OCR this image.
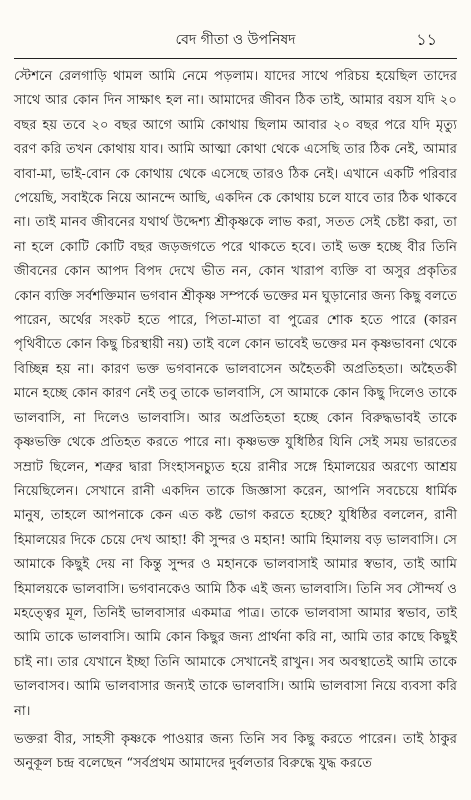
বেদ গীতা ও উপনিষদ	১১

স্টেশনে রেলগাড়ি থামল আমি নেমে পড়লাম। যাদের সাথে পরিচয় হয়েছিল তাদের সাথে আর কোন দিন সাক্ষাৎ হল না। আমাদের জীবন ঠিক তাই, আমার বয়স যদি ২০ বছর হয় তবে ২০ বছর আগে আমি কোথায় ছিলাম আবার ২০ বছর পরে যদি মৃত্যু বরণ করি তখন কোথায় যাব। আমি আত্মা কোথা থেকে এসেছি তার ঠিক নেই, আমার বাবা-মা, ভাই-বোন কে কোথায় থেকে এসেছে তারও ঠিক নেই। এখানে একটি পরিবার পেয়েছি, সবাইকে নিয়ে আনন্দে আছি, একদিন কে কোথায় চলে যাবে তার ঠিক থাকবে না। তাই মানব জীবনের যথার্থ উদ্দেশ্য শ্রীকৃষ্ণকে লাভ করা, সতত সেই চেষ্টা করা, তা না হলে কোটি কোটি বছর জড়জগতে পরে থাকতে হবে। তাই ভক্ত হচ্ছে বীর তিনি জীবনের কোন আপদ বিপদ দেখে ভীত নন, কোন খারাপ ব্যক্তি বা অসুর প্রকৃতির কোন ব্যক্তি সর্বশক্তিমান ভগবান শ্রীকৃষ্ণ সম্পর্কে ভক্তের মন ঘুড়ানোর জন্য কিছু বলতে পারেন, অর্থের সংকট হতে পারে, পিতা-মাতা বা পুত্রের শোক হতে পারে (কারন পৃথিবীতে কোন কিছু চিরস্থায়ী নয়) তাই বলে কোন ভাবেই ভক্তের মন কৃষ্ণভাবনা থেকে বিচ্ছিন্ন হয় না। কারণ ভক্ত ভগবানকে ভালবাসেন অহৈতকী অপ্রতিহতা। অহৈতকী মানে হচ্ছে কোন কারণ নেই তবু তাকে ভালবাসি, সে আমাকে কোন কিছু দিলেও তাকে ভালবাসি, না দিলেও ভালবাসি। আর অপ্রতিহতা হচ্ছে কোন বিরুদ্ধভাবই তাকে কৃষ্ণভক্তি থেকে প্রতিহত করতে পারে না। কৃষ্ণভক্ত যুধিষ্ঠির যিনি সেই সময় ভারতের সম্রাট ছিলেন, শত্রুর দ্বারা সিংহাসনচ্যুত হয়ে রানীর সঙ্গে হিমালয়ের অরণ্যে আশ্রয় নিয়েছিলেন। সেখানে রানী একদিন তাকে জিজ্ঞাসা করেন, আপনি সবচেয়ে ধার্মিক মানুষ, তাহলে আপনাকে কেন এত কষ্ট ভোগ করতে হচ্ছে? যুধিষ্ঠির বললেন, রানী হিমালয়ের দিকে চেয়ে দেখ আহা! কী সুন্দর ও মহান! আমি হিমালয় বড় ভালবাসি। সে আমাকে কিছুই দেয় না কিন্তু সুন্দর ও মহানকে ভালবাসাই আমার স্বভাব, তাই আমি হিমালয়কে ভালবাসি। ভগবানকেও আমি ঠিক এই জন্য ভালবাসি। তিনি সব সৌন্দর্য ও মহত্ত্বের মূল, তিনিই ভালবাসার একমাত্র পাত্র। তাকে ভালবাসা আমার স্বভাব, তাই আমি তাকে ভালবাসি। আমি কোন কিছুর জন্য প্রার্থনা করি না, আমি তার কাছে কিছুই চাই না। তার যেখানে ইচ্ছা তিনি আমাকে সেখানেই রাখুন। সব অবস্থাতেই আমি তাকে ভালবাসব। আমি ভালবাসার জন্যই তাকে ভালবাসি। আমি ভালবাসা নিয়ে ব্যবসা করি না।

ভক্তরা বীর, সাহসী কৃষ্ণকে পাওয়ার জন্য তিনি সব কিছু করতে পারেন। তাই ঠাকুর অনুকূল চন্দ্র বলেছেন “সর্বপ্রথম আমাদের দুর্বলতার বিরুদ্ধে যুদ্ধ করতে
